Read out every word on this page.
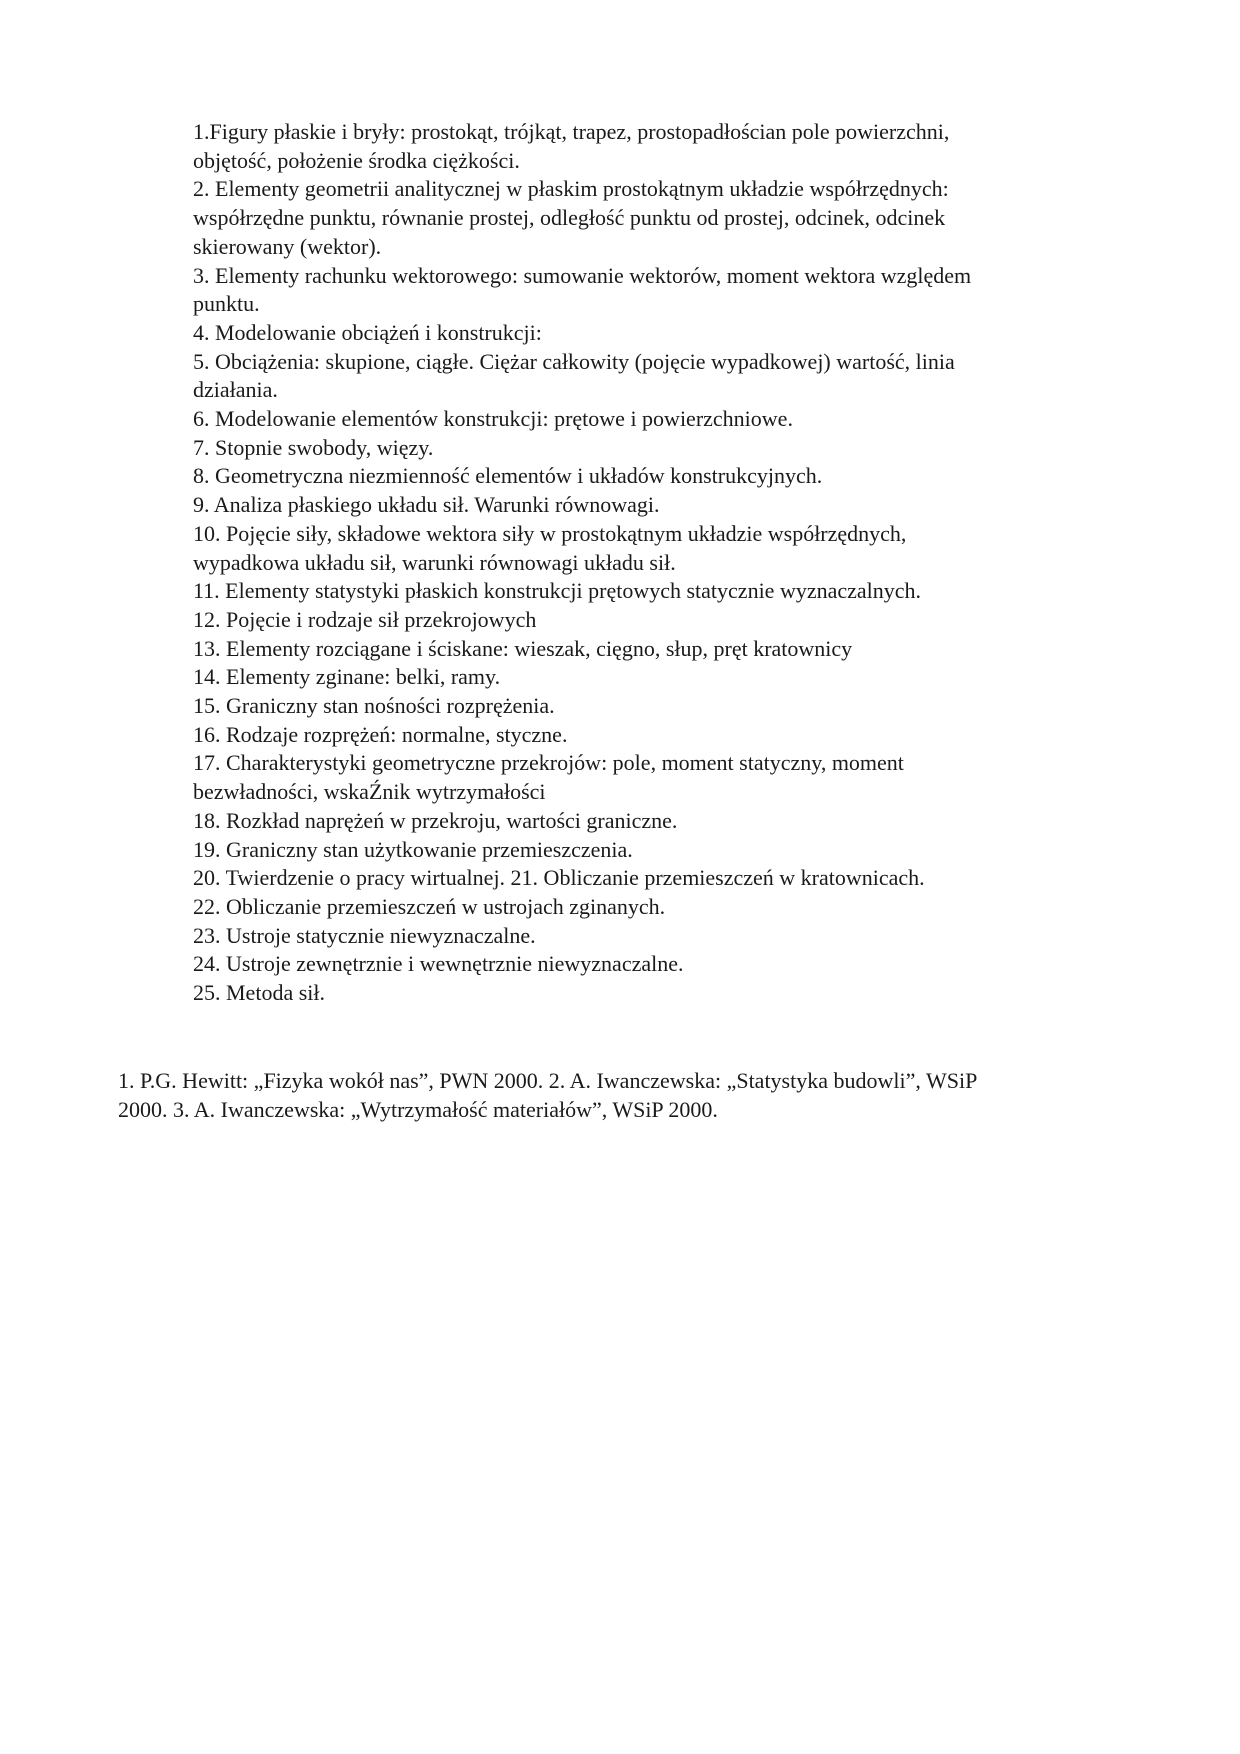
1.Figury płaskie i bryły: prostokąt, trójkąt, trapez, prostopadłościan pole powierzchni,
objętość, położenie środka ciężkości.
2. Elementy geometrii analitycznej w płaskim prostokątnym układzie współrzędnych:
współrzędne punktu, równanie prostej, odległość punktu od prostej, odcinek, odcinek
skierowany (wektor).
3. Elementy rachunku wektorowego: sumowanie wektorów, moment wektora względem
punktu.
4. Modelowanie obciążeń i konstrukcji:
5. Obciążenia: skupione, ciągłe. Ciężar całkowity (pojęcie wypadkowej) wartość, linia
działania.
6. Modelowanie elementów konstrukcji: prętowe i powierzchniowe.
7. Stopnie swobody, więzy.
8. Geometryczna niezmienność elementów i układów konstrukcyjnych.
9. Analiza płaskiego układu sił. Warunki równowagi.
10. Pojęcie siły, składowe wektora siły w prostokątnym układzie współrzędnych,
wypadkowa układu sił, warunki równowagi układu sił.
11. Elementy statystyki płaskich konstrukcji prętowych statycznie wyznaczalnych.
12. Pojęcie i rodzaje sił przekrojowych
13. Elementy rozciągane i ściskane: wieszak, cięgno, słup, pręt kratownicy
14. Elementy zginane: belki, ramy.
15. Graniczny stan nośności rozprężenia.
16. Rodzaje rozprężeń: normalne, styczne.
17. Charakterystyki geometryczne przekrojów: pole, moment statyczny, moment
bezwładności, wskaŹnik wytrzymałości
18. Rozkład naprężeń w przekroju, wartości graniczne.
19. Graniczny stan użytkowanie przemieszczenia.
20. Twierdzenie o pracy wirtualnej. 21. Obliczanie przemieszczeń w kratownicach.
22. Obliczanie przemieszczeń w ustrojach zginanych.
23. Ustroje statycznie niewyznaczalne.
24. Ustroje zewnętrznie i wewnętrznie niewyznaczalne.
25. Metoda sił.
1. P.G. Hewitt: „Fizyka wokół nas”, PWN 2000. 2. A. Iwanczewska: „Statystyka budowli”, WSiP
2000. 3. A. Iwanczewska: „Wytrzymałość materiałów”, WSiP 2000.
